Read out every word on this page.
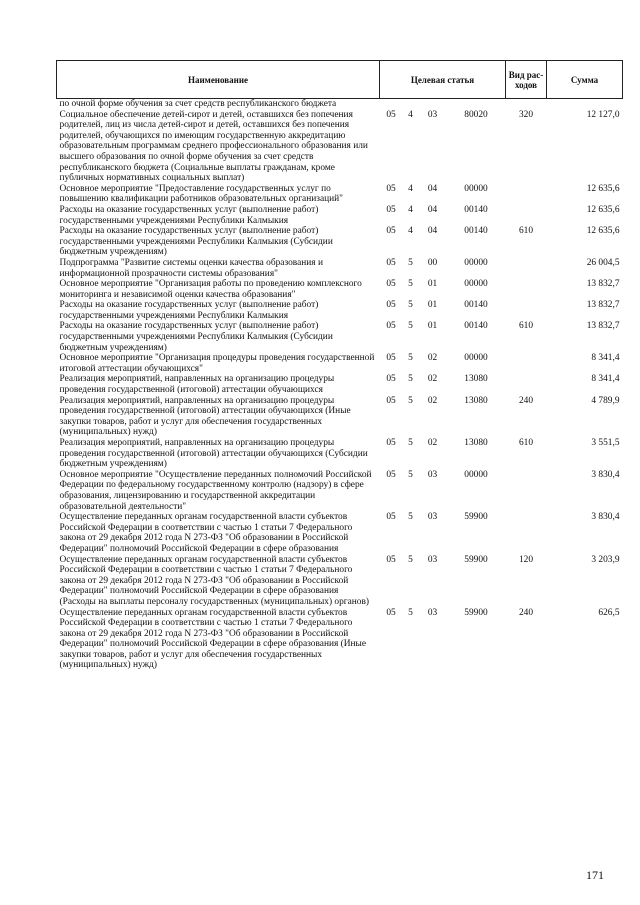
Наименование	Целевая статья				Вид рас-ходов	Сумма
по очной форме обучения за счет средств республиканского бюджета						
Социальное обеспечение детей-сирот и детей, оставшихся без попечения родителей, лиц из числа детей-сирот и детей, оставшихся без попечения родителей, обучающихся по имеющим государственную аккредитацию образовательным программам среднего профессионального образования или высшего образования по очной форме обучения за счет средств республиканского бюджета (Социальные выплаты гражданам, кроме публичных нормативных социальных выплат)	05	4	03	80020	320	12 127,0
Основное мероприятие "Предоставление государственных услуг по повышению квалификации работников образовательных организаций"	05	4	04	00000		12 635,6
Расходы на оказание государственных услуг (выполнение работ) государственными учреждениями Республики Калмыкия	05	4	04	00140		12 635,6
Расходы на оказание государственных услуг (выполнение работ) государственными учреждениями Республики Калмыкия (Субсидии бюджетным учреждениям)	05	4	04	00140	610	12 635,6
Подпрограмма "Развитие системы оценки качества образования и информационной прозрачности системы образования"	05	5	00	00000		26 004,5
Основное мероприятие "Организация работы по проведению комплексного мониторинга и независимой оценки качества образования"	05	5	01	00000		13 832,7
Расходы на оказание государственных услуг (выполнение работ) государственными учреждениями Республики Калмыкия	05	5	01	00140		13 832,7
Расходы на оказание государственных услуг (выполнение работ) государственными учреждениями Республики Калмыкия (Субсидии бюджетным учреждениям)	05	5	01	00140	610	13 832,7
Основное мероприятие "Организация процедуры проведения государственной итоговой аттестации обучающихся"	05	5	02	00000		8 341,4
Реализация мероприятий, направленных на организацию процедуры проведения государственной (итоговой) аттестации обучающихся	05	5	02	13080		8 341,4
Реализация мероприятий, направленных на организацию процедуры проведения государственной (итоговой) аттестации обучающихся (Иные закупки товаров, работ и услуг для обеспечения государственных (муниципальных) нужд)	05	5	02	13080	240	4 789,9
Реализация мероприятий, направленных на организацию процедуры проведения государственной (итоговой) аттестации обучающихся (Субсидии бюджетным учреждениям)	05	5	02	13080	610	3 551,5
Основное мероприятие "Осуществление переданных полномочий Российской Федерации по федеральному государственному контролю (надзору) в сфере образования, лицензированию и государственной аккредитации образовательной деятельности"	05	5	03	00000		3 830,4
Осуществление переданных органам государственной власти субъектов Российской Федерации в соответствии с частью 1 статьи 7 Федерального закона от 29 декабря 2012 года N 273-ФЗ "Об образовании в Российской Федерации" полномочий Российской Федерации в сфере образования	05	5	03	59900		3 830,4
Осуществление переданных органам государственной власти субъектов Российской Федерации в соответствии с частью 1 статьи 7 Федерального закона от 29 декабря 2012 года N 273-ФЗ "Об образовании в Российской Федерации" полномочий Российской Федерации в сфере образования (Расходы на выплаты персоналу государственных (муниципальных) органов)	05	5	03	59900	120	3 203,9
Осуществление переданных органам государственной власти субъектов Российской Федерации в соответствии с частью 1 статьи 7 Федерального закона от 29 декабря 2012 года N 273-ФЗ "Об образовании в Российской Федерации" полномочий Российской Федерации в сфере образования (Иные закупки товаров, работ и услуг для обеспечения государственных (муниципальных) нужд)	05	5	03	59900	240	626,5
171
